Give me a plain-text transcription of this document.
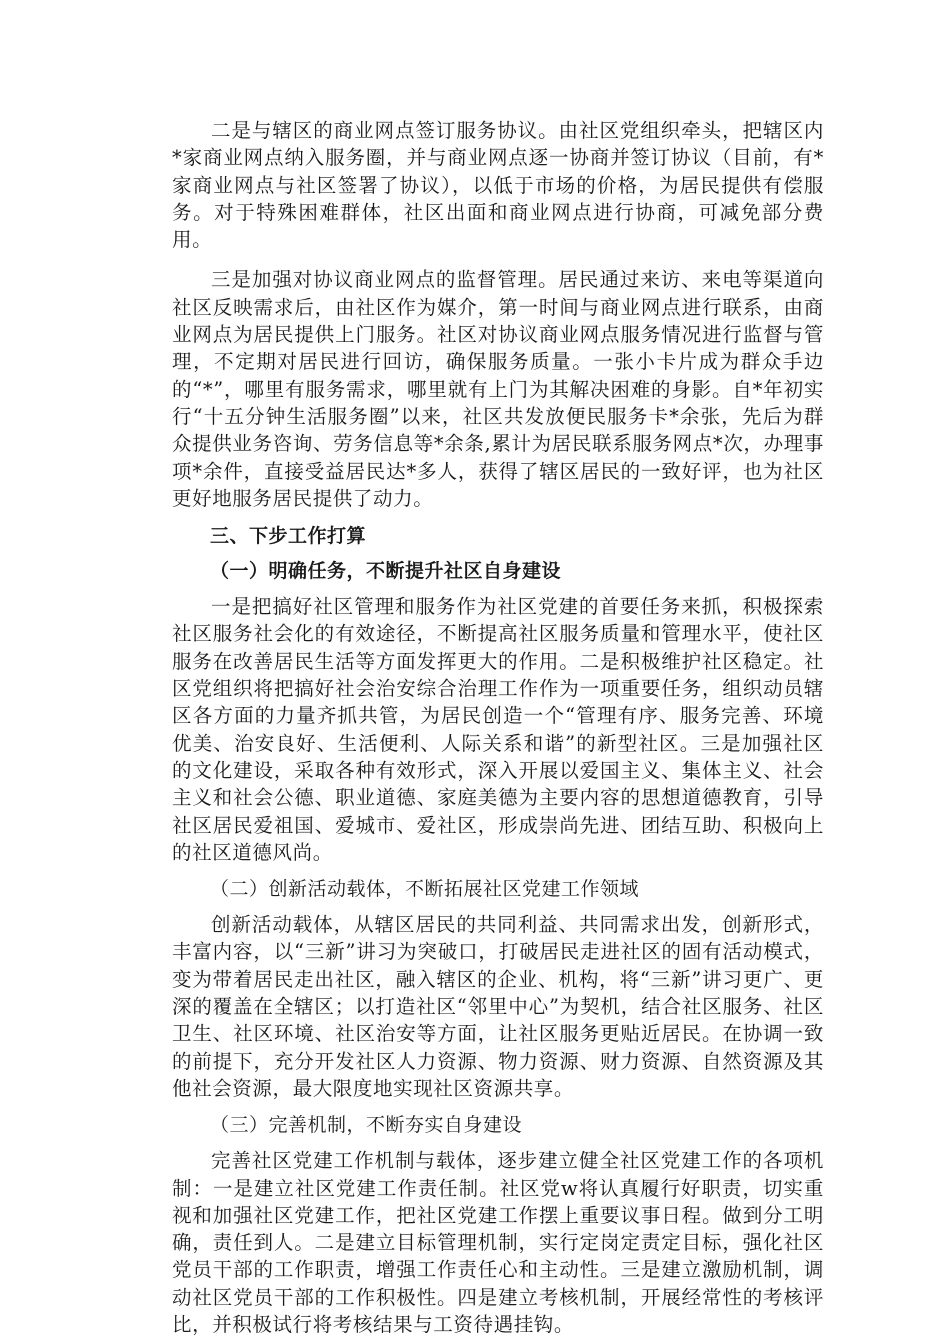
二是与辖区的商业网点签订服务协议。由社区党组织牵头，把辖区内*家商业网点纳入服务圈，并与商业网点逐一协商并签订协议（目前，有*家商业网点与社区签署了协议），以低于市场的价格，为居民提供有偿服务。对于特殊困难群体，社区出面和商业网点进行协商，可减免部分费用。

三是加强对协议商业网点的监督管理。居民通过来访、来电等渠道向社区反映需求后，由社区作为媒介，第一时间与商业网点进行联系，由商业网点为居民提供上门服务。社区对协议商业网点服务情况进行监督与管理，不定期对居民进行回访，确保服务质量。一张小卡片成为群众手边的“*”，哪里有服务需求，哪里就有上门为其解决困难的身影。自*年初实行“十五分钟生活服务圈”以来，社区共发放便民服务卡*余张，先后为群众提供业务咨询、劳务信息等*余条,累计为居民联系服务网点*次，办理事项*余件，直接受益居民达*多人，获得了辖区居民的一致好评，也为社区更好地服务居民提供了动力。

三、下步工作打算
（一）明确任务，不断提升社区自身建设

一是把搞好社区管理和服务作为社区党建的首要任务来抓，积极探索社区服务社会化的有效途径，不断提高社区服务质量和管理水平，使社区服务在改善居民生活等方面发挥更大的作用。二是积极维护社区稳定。社区党组织将把搞好社会治安综合治理工作作为一项重要任务，组织动员辖区各方面的力量齐抓共管，为居民创造一个“管理有序、服务完善、环境优美、治安良好、生活便利、人际关系和谐”的新型社区。三是加强社区的文化建设，采取各种有效形式，深入开展以爱国主义、集体主义、社会主义和社会公德、职业道德、家庭美德为主要内容的思想道德教育，引导社区居民爱祖国、爱城市、爱社区，形成崇尚先进、团结互助、积极向上的社区道德风尚。

（二）创新活动载体，不断拓展社区党建工作领域

创新活动载体，从辖区居民的共同利益、共同需求出发，创新形式，丰富内容，以“三新”讲习为突破口，打破居民走进社区的固有活动模式，变为带着居民走出社区，融入辖区的企业、机构，将“三新”讲习更广、更深的覆盖在全辖区；以打造社区“邻里中心”为契机，结合社区服务、社区卫生、社区环境、社区治安等方面，让社区服务更贴近居民。在协调一致的前提下，充分开发社区人力资源、物力资源、财力资源、自然资源及其他社会资源，最大限度地实现社区资源共享。

（三）完善机制，不断夯实自身建设

完善社区党建工作机制与载体，逐步建立健全社区党建工作的各项机制：一是建立社区党建工作责任制。社区党w将认真履行好职责，切实重视和加强社区党建工作，把社区党建工作摆上重要议事日程。做到分工明确，责任到人。二是建立目标管理机制，实行定岗定责定目标，强化社区党员干部的工作职责，增强工作责任心和主动性。三是建立激励机制，调动社区党员干部的工作积极性。四是建立考核机制，开展经常性的考核评比，并积极试行将考核结果与工资待遇挂钩。
